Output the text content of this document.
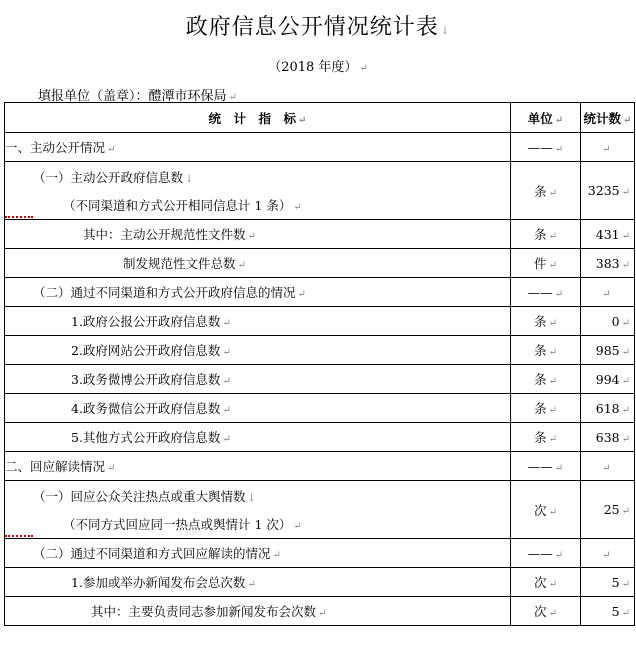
政府信息公开情况统计表 ↓
（2018 年度） ↵
填报单位（盖章）：醴潭市环保局 ↵
统　计　指　标 ↵	单位 ↵	统计数 ↵

一、主动公开情况 ↵	—— ↵	↵

（一）主动公开政府信息数 ↓
（不同渠道和方式公开相同信息计 1 条） ↵	条 ↵	3235 ↵

其中：主动公开规范性文件数 ↵	条 ↵	431 ↵

制发规范性文件总数 ↵	件 ↵	383 ↵

（二）通过不同渠道和方式公开政府信息的情况 ↵	—— ↵	↵

1.政府公报公开政府信息数 ↵	条 ↵	0 ↵

2.政府网站公开政府信息数 ↵	条 ↵	985 ↵

3.政务微博公开政府信息数 ↵	条 ↵	994 ↵

4.政务微信公开政府信息数 ↵	条 ↵	618 ↵

5.其他方式公开政府信息数 ↵	条 ↵	638 ↵

二、回应解读情况 ↵	—— ↵	↵

（一）回应公众关注热点或重大舆情数 ↓
（不同方式回应同一热点或舆情计 1 次） ↵	次 ↵	25 ↵

（二）通过不同渠道和方式回应解读的情况 ↵	—— ↵	↵

1.参加或举办新闻发布会总次数 ↵	次 ↵	5 ↵

其中：主要负责同志参加新闻发布会次数 ↵	次 ↵	5 ↵
